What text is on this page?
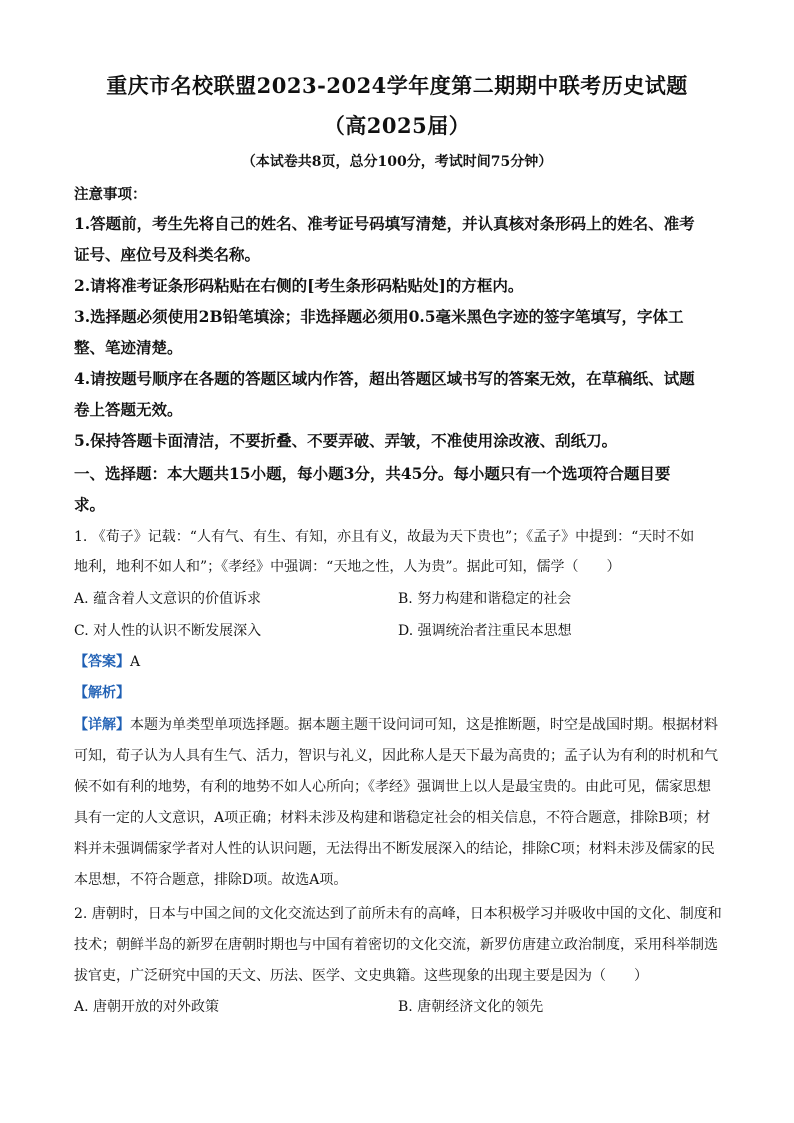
重庆市名校联盟2023-2024学年度第二期期中联考历史试题
（高2025届）
（本试卷共8页，总分100分，考试时间75分钟）
注意事项：
1.答题前，考生先将自己的姓名、准考证号码填写清楚，并认真核对条形码上的姓名、准考
证号、座位号及科类名称。
2.请将准考证条形码粘贴在右侧的[考生条形码粘贴处]的方框内。
3.选择题必须使用2B铅笔填涂；非选择题必须用0.5毫米黑色字迹的签字笔填写，字体工
整、笔迹清楚。
4.请按题号顺序在各题的答题区域内作答，超出答题区域书写的答案无效，在草稿纸、试题
卷上答题无效。
5.保持答题卡面清洁，不要折叠、不要弄破、弄皱，不准使用涂改液、刮纸刀。
一、选择题：本大题共15小题，每小题3分，共45分。每小题只有一个选项符合题目要
求。
1. 《荀子》记载：“人有气、有生、有知，亦且有义，故最为天下贵也”；《孟子》中提到：“天时不如
地利，地利不如人和”；《孝经》中强调：“天地之性，人为贵”。据此可知，儒学（　　）
A. 蕴含着人文意识的价值诉求	B. 努力构建和谐稳定的社会
C. 对人性的认识不断发展深入	D. 强调统治者注重民本思想
【答案】A
【解析】
【详解】本题为单类型单项选择题。据本题主题干设问词可知，这是推断题，时空是战国时期。根据材料
可知，荀子认为人具有生气、活力，智识与礼义，因此称人是天下最为高贵的；孟子认为有利的时机和气
候不如有利的地势，有利的地势不如人心所向；《孝经》强调世上以人是最宝贵的。由此可见，儒家思想
具有一定的人文意识，A项正确；材料未涉及构建和谐稳定社会的相关信息，不符合题意，排除B项；材
料并未强调儒家学者对人性的认识问题，无法得出不断发展深入的结论，排除C项；材料未涉及儒家的民
本思想，不符合题意，排除D项。故选A项。
2. 唐朝时，日本与中国之间的文化交流达到了前所未有的高峰，日本积极学习并吸收中国的文化、制度和
技术；朝鲜半岛的新罗在唐朝时期也与中国有着密切的文化交流，新罗仿唐建立政治制度，采用科举制选
拔官吏，广泛研究中国的天文、历法、医学、文史典籍。这些现象的出现主要是因为（　　）
A. 唐朝开放的对外政策	B. 唐朝经济文化的领先
